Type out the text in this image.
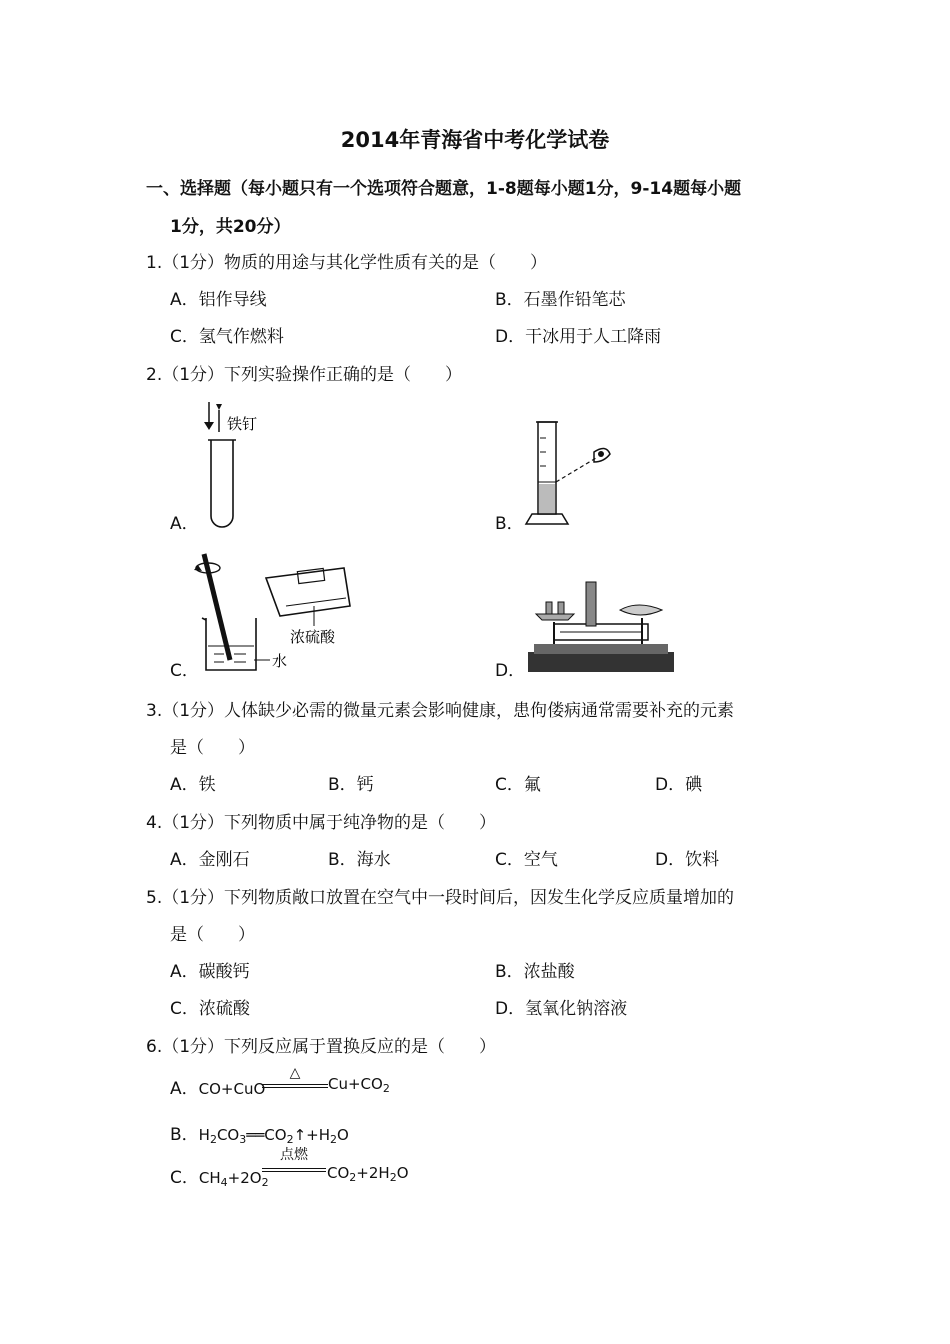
2014年青海省中考化学试卷
一、选择题（每小题只有一个选项符合题意，1-8题每小题1分，9-14题每小题
1分，共20分）
1.（1分）物质的用途与其化学性质有关的是（　　）
A．铝作导线	B．石墨作铅笔芯
C．氢气作燃料	D．干冰用于人工降雨
2.（1分）下列实验操作正确的是（　　）
铁钉
A．	B．
浓硫酸
水
C．	D．
3.（1分）人体缺少必需的微量元素会影响健康，患佝偻病通常需要补充的元素
是（　　）
A．铁	B．钙	C．氟	D．碘
4.（1分）下列物质中属于纯净物的是（　　）
A．金刚石	B．海水	C．空气	D．饮料
5.（1分）下列物质敞口放置在空气中一段时间后，因发生化学反应质量增加的
是（　　）
A．碳酸钙	B．浓盐酸
C．浓硫酸	D．氢氧化钠溶液
6.（1分）下列反应属于置换反应的是（　　）
A．CO+CuO
△
$Cu+CO_2$
B．$H_2CO_3══CO_2↑+H_2O$
C．$CH_4+2O_2$
点燃
$CO_2+2H_2O$
